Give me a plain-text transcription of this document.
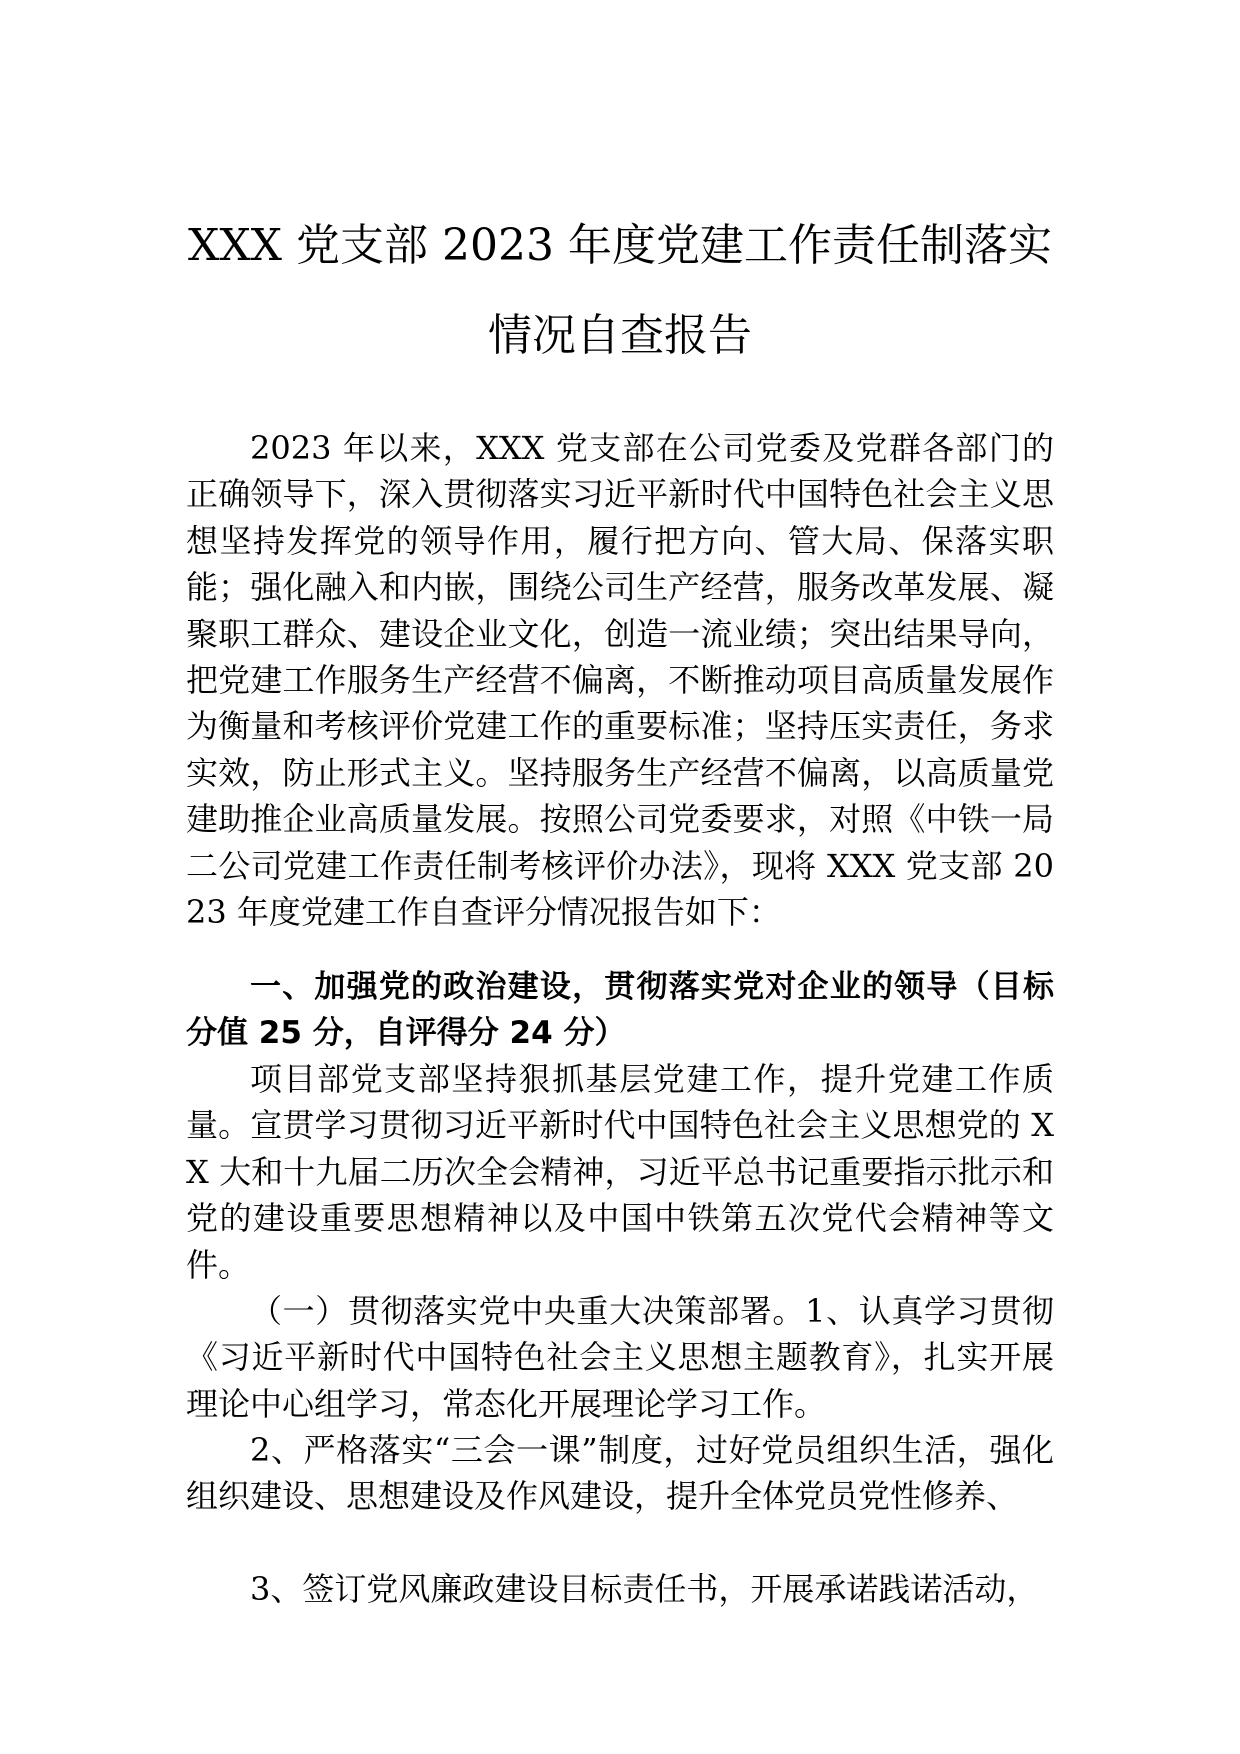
XXX 党支部 2023 年度党建工作责任制落实
情况自查报告

2023 年以来，XXX 党支部在公司党委及党群各部门的正确领导下，深入贯彻落实习近平新时代中国特色社会主义思想坚持发挥党的领导作用，履行把方向、管大局、保落实职能；强化融入和内嵌，围绕公司生产经营，服务改革发展、凝聚职工群众、建设企业文化，创造一流业绩；突出结果导向，把党建工作服务生产经营不偏离，不断推动项目高质量发展作为衡量和考核评价党建工作的重要标准；坚持压实责任，务求实效，防止形式主义。坚持服务生产经营不偏离，以高质量党建助推企业高质量发展。按照公司党委要求，对照《中铁一局二公司党建工作责任制考核评价办法》，现将 XXX 党支部 2023 年度党建工作自查评分情况报告如下：

一、加强党的政治建设，贯彻落实党对企业的领导（目标分值 25 分，自评得分 24 分）

项目部党支部坚持狠抓基层党建工作，提升党建工作质量。宣贯学习贯彻习近平新时代中国特色社会主义思想党的 XX 大和十九届二历次全会精神，习近平总书记重要指示批示和党的建设重要思想精神以及中国中铁第五次党代会精神等文件。

（一）贯彻落实党中央重大决策部署。1、认真学习贯彻《习近平新时代中国特色社会主义思想主题教育》，扎实开展理论中心组学习，常态化开展理论学习工作。

2、严格落实“三会一课”制度，过好党员组织生活，强化组织建设、思想建设及作风建设，提升全体党员党性修养、

3、签订党风廉政建设目标责任书，开展承诺践诺活动，
